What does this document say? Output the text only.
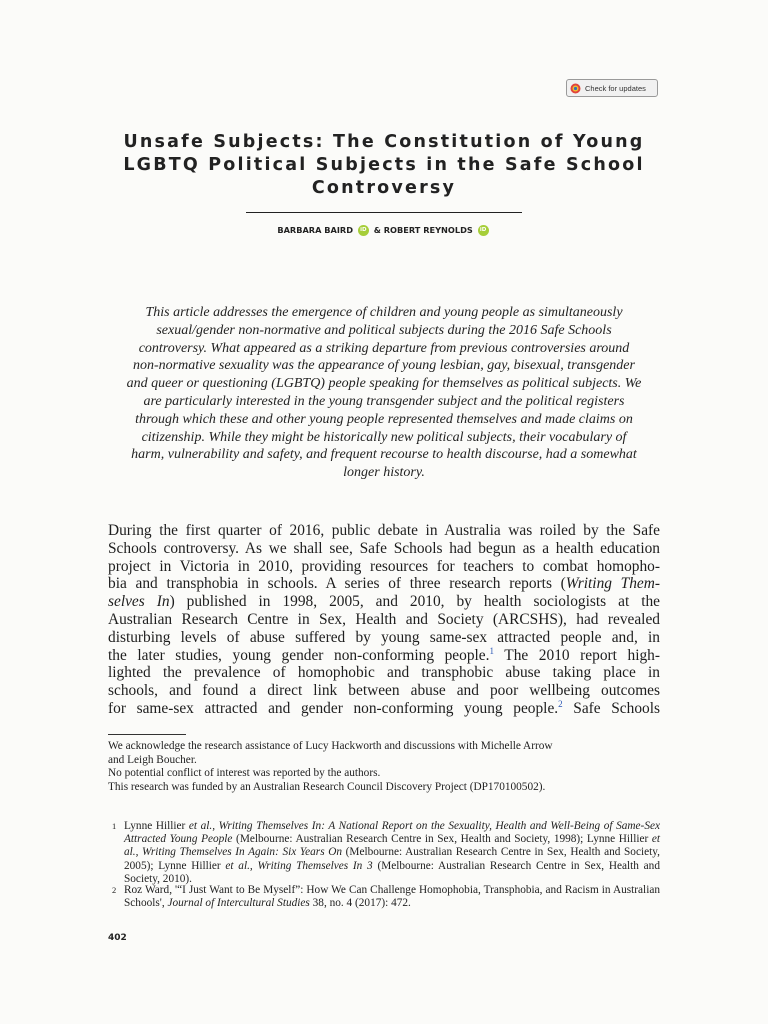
Check for updates
Unsafe Subjects: The Constitution of Young
LGBTQ Political Subjects in the Safe School
Controversy
BARBARA BAIRD iD & ROBERT REYNOLDS iD
This article addresses the emergence of children and young people as simultaneously
sexual/gender non-normative and political subjects during the 2016 Safe Schools
controversy. What appeared as a striking departure from previous controversies around
non-normative sexuality was the appearance of young lesbian, gay, bisexual, transgender
and queer or questioning (LGBTQ) people speaking for themselves as political subjects. We
are particularly interested in the young transgender subject and the political registers
through which these and other young people represented themselves and made claims on
citizenship. While they might be historically new political subjects, their vocabulary of
harm, vulnerability and safety, and frequent recourse to health discourse, had a somewhat
longer history.
During the first quarter of 2016, public debate in Australia was roiled by the Safe
Schools controversy. As we shall see, Safe Schools had begun as a health education
project in Victoria in 2010, providing resources for teachers to combat homopho-
bia and transphobia in schools. A series of three research reports (Writing Them-
selves In) published in 1998, 2005, and 2010, by health sociologists at the
Australian Research Centre in Sex, Health and Society (ARCSHS), had revealed
disturbing levels of abuse suffered by young same-sex attracted people and, in
the later studies, young gender non-conforming people.$^1$ The 2010 report high-
lighted the prevalence of homophobic and transphobic abuse taking place in
schools, and found a direct link between abuse and poor wellbeing outcomes
for same-sex attracted and gender non-conforming young people.$^2$ Safe Schools
We acknowledge the research assistance of Lucy Hackworth and discussions with Michelle Arrow
and Leigh Boucher.
No potential conflict of interest was reported by the authors.
This research was funded by an Australian Research Council Discovery Project (DP170100502).
1 Lynne Hillier et al., Writing Themselves In: A National Report on the Sexuality, Health and Well-Being of Same-Sex Attracted Young People (Melbourne: Australian Research Centre in Sex, Health and Society, 1998); Lynne Hillier et al., Writing Themselves In Again: Six Years On (Melbourne: Australian Research Centre in Sex, Health and Society, 2005); Lynne Hillier et al., Writing Themselves In 3 (Melbourne: Australian Research Centre in Sex, Health and Society, 2010).
2 Roz Ward, '“I Just Want to Be Myself”: How We Can Challenge Homophobia, Transphobia, and Racism in Australian Schools', Journal of Intercultural Studies 38, no. 4 (2017): 472.
402
